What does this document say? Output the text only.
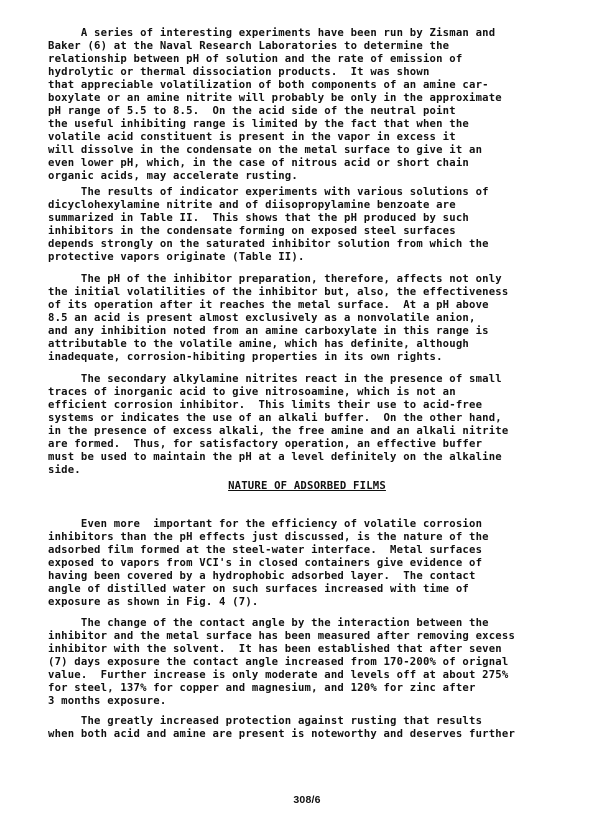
A series of interesting experiments have been run by Zisman and
Baker (6) at the Naval Research Laboratories to determine the
relationship between pH of solution and the rate of emission of
hydrolytic or thermal dissociation products.  It was shown
that appreciable volatilization of both components of an amine car-
boxylate or an amine nitrite will probably be only in the approximate
pH range of 5.5 to 8.5.  On the acid side of the neutral point
the useful inhibiting range is limited by the fact that when the
volatile acid constituent is present in the vapor in excess it
will dissolve in the condensate on the metal surface to give it an
even lower pH, which, in the case of nitrous acid or short chain
organic acids, may accelerate rusting.
The results of indicator experiments with various solutions of
dicyclohexylamine nitrite and of diisopropylamine benzoate are
summarized in Table II.  This shows that the pH produced by such
inhibitors in the condensate forming on exposed steel surfaces
depends strongly on the saturated inhibitor solution from which the
protective vapors originate (Table II).
The pH of the inhibitor preparation, therefore, affects not only
the initial volatilities of the inhibitor but, also, the effectiveness
of its operation after it reaches the metal surface.  At a pH above
8.5 an acid is present almost exclusively as a nonvolatile anion,
and any inhibition noted from an amine carboxylate in this range is
attributable to the volatile amine, which has definite, although
inadequate, corrosion-hibiting properties in its own rights.
The secondary alkylamine nitrites react in the presence of small
traces of inorganic acid to give nitrosoamine, which is not an
efficient corrosion inhibitor.  This limits their use to acid-free
systems or indicates the use of an alkali buffer.  On the other hand,
in the presence of excess alkali, the free amine and an alkali nitrite
are formed.  Thus, for satisfactory operation, an effective buffer
must be used to maintain the pH at a level definitely on the alkaline
side.
NATURE OF ADSORBED FILMS
Even more  important for the efficiency of volatile corrosion
inhibitors than the pH effects just discussed, is the nature of the
adsorbed film formed at the steel-water interface.  Metal surfaces
exposed to vapors from VCI's in closed containers give evidence of
having been covered by a hydrophobic adsorbed layer.  The contact
angle of distilled water on such surfaces increased with time of
exposure as shown in Fig. 4 (7).
The change of the contact angle by the interaction between the
inhibitor and the metal surface has been measured after removing excess
inhibitor with the solvent.  It has been established that after seven
(7) days exposure the contact angle increased from 170-200% of orignal
value.  Further increase is only moderate and levels off at about 275%
for steel, 137% for copper and magnesium, and 120% for zinc after
3 months exposure.
The greatly increased protection against rusting that results
when both acid and amine are present is noteworthy and deserves further
308/6
